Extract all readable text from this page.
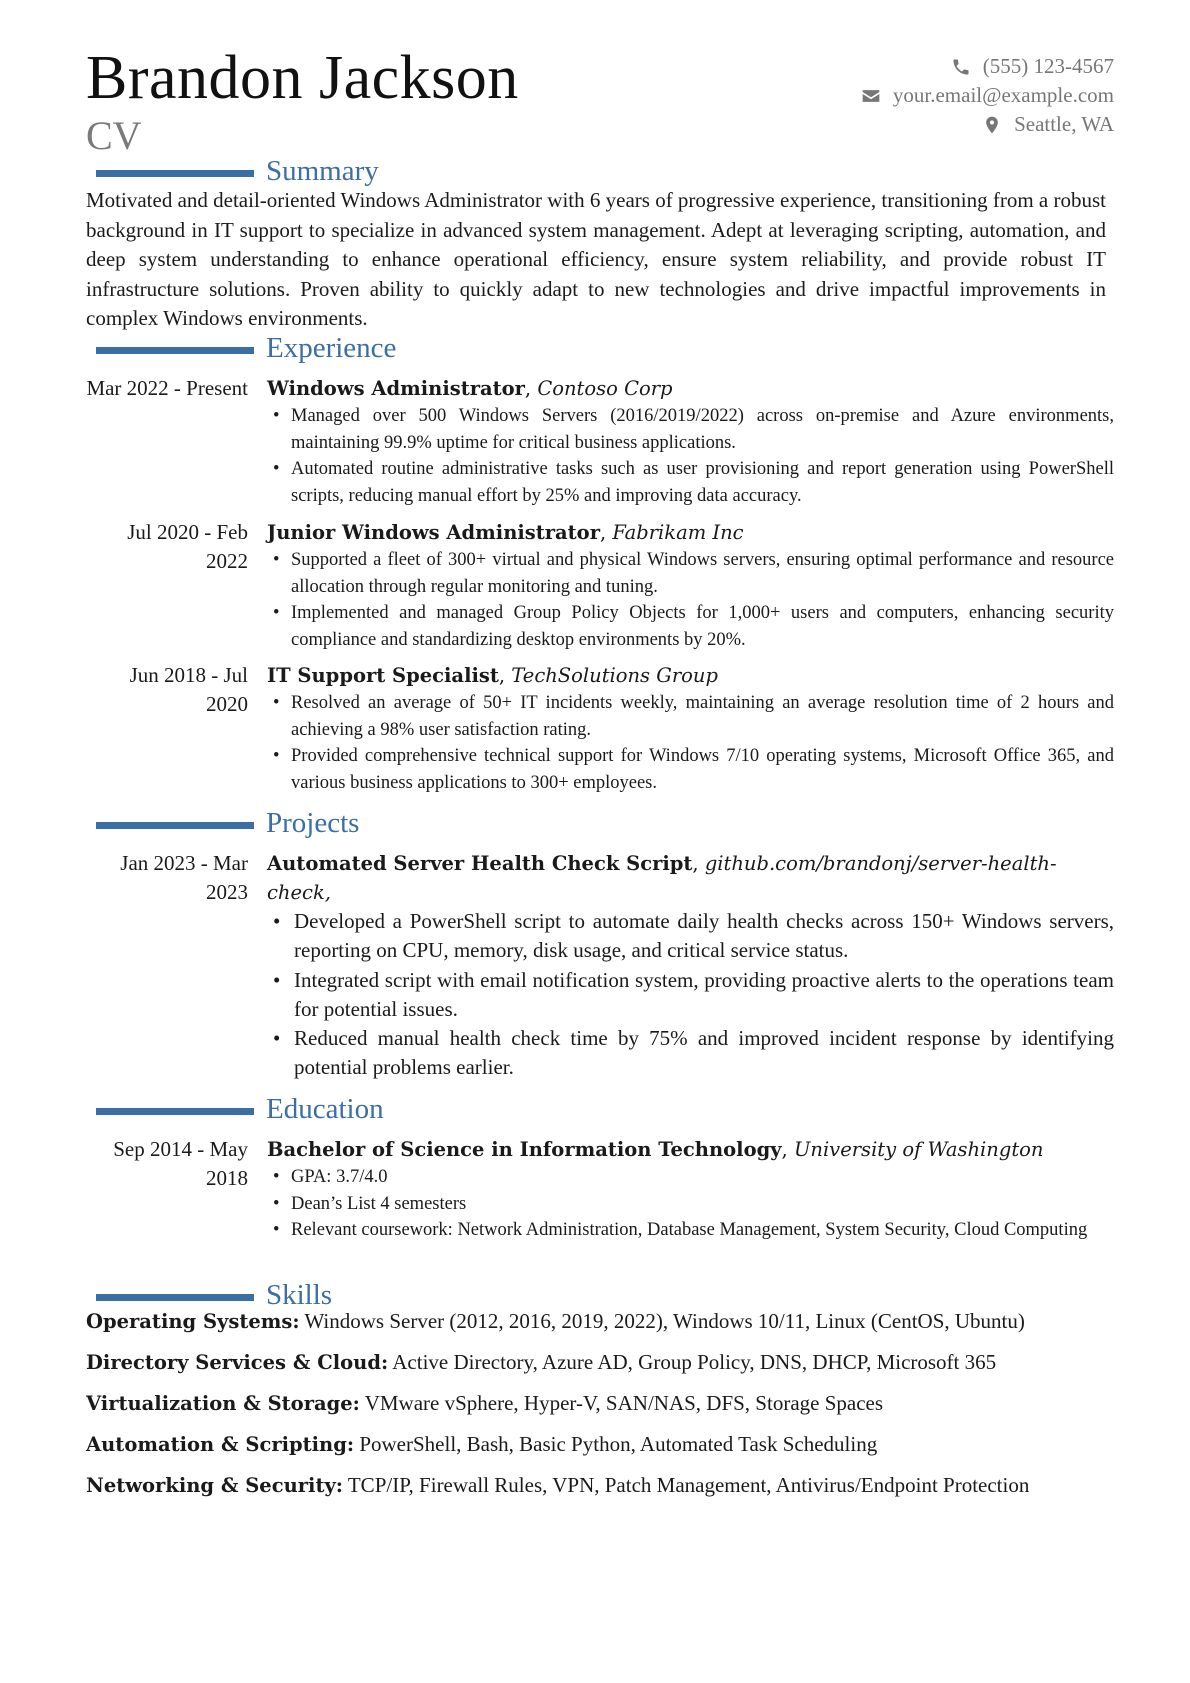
Brandon Jackson
CV
(555) 123-4567
your.email@example.com
Seattle, WA
Summary

Motivated and detail-oriented Windows Administrator with 6 years of progressive experience, transitioning from a robust background in IT support to specialize in advanced system management. Adept at leveraging scripting, automation, and deep system understanding to enhance operational efficiency, ensure system reliability, and provide robust IT infrastructure solutions. Proven ability to quickly adapt to new technologies and drive impactful improvements in complex Windows environments.

Experience
Mar 2022 - Present Windows Administrator, Contoso Corp
• Managed over 500 Windows Servers (2016/2019/2022) across on-premise and Azure environments, maintaining 99.9% uptime for critical business applications.
• Automated routine administrative tasks such as user provisioning and report generation using PowerShell scripts, reducing manual effort by 25% and improving data accuracy.
Jul 2020 - Feb 2022
Junior Windows Administrator, Fabrikam Inc
• Supported a fleet of 300+ virtual and physical Windows servers, ensuring optimal performance and resource allocation through regular monitoring and tuning.
• Implemented and managed Group Policy Objects for 1,000+ users and computers, enhancing security compliance and standardizing desktop environments by 20%.
Jun 2018 - Jul 2020
IT Support Specialist, TechSolutions Group
• Resolved an average of 50+ IT incidents weekly, maintaining an average resolution time of 2 hours and achieving a 98% user satisfaction rating.
• Provided comprehensive technical support for Windows 7/10 operating systems, Microsoft Office 365, and various business applications to 300+ employees.
Projects
Jan 2023 - Mar 2023
Automated Server Health Check Script, github.com/brandonj/server-health-check,
• Developed a PowerShell script to automate daily health checks across 150+ Windows servers, reporting on CPU, memory, disk usage, and critical service status.
• Integrated script with email notification system, providing proactive alerts to the operations team for potential issues.
• Reduced manual health check time by 75% and improved incident response by identifying potential problems earlier.
Education
Sep 2014 - May 2018
Bachelor of Science in Information Technology, University of Washington
• GPA: 3.7/4.0
• Dean’s List 4 semesters
• Relevant coursework: Network Administration, Database Management, System Security, Cloud Computing
Skills
Operating Systems: Windows Server (2012, 2016, 2019, 2022), Windows 10/11, Linux (CentOS, Ubuntu)
Directory Services & Cloud: Active Directory, Azure AD, Group Policy, DNS, DHCP, Microsoft 365
Virtualization & Storage: VMware vSphere, Hyper-V, SAN/NAS, DFS, Storage Spaces
Automation & Scripting: PowerShell, Bash, Basic Python, Automated Task Scheduling
Networking & Security: TCP/IP, Firewall Rules, VPN, Patch Management, Antivirus/Endpoint Protection
